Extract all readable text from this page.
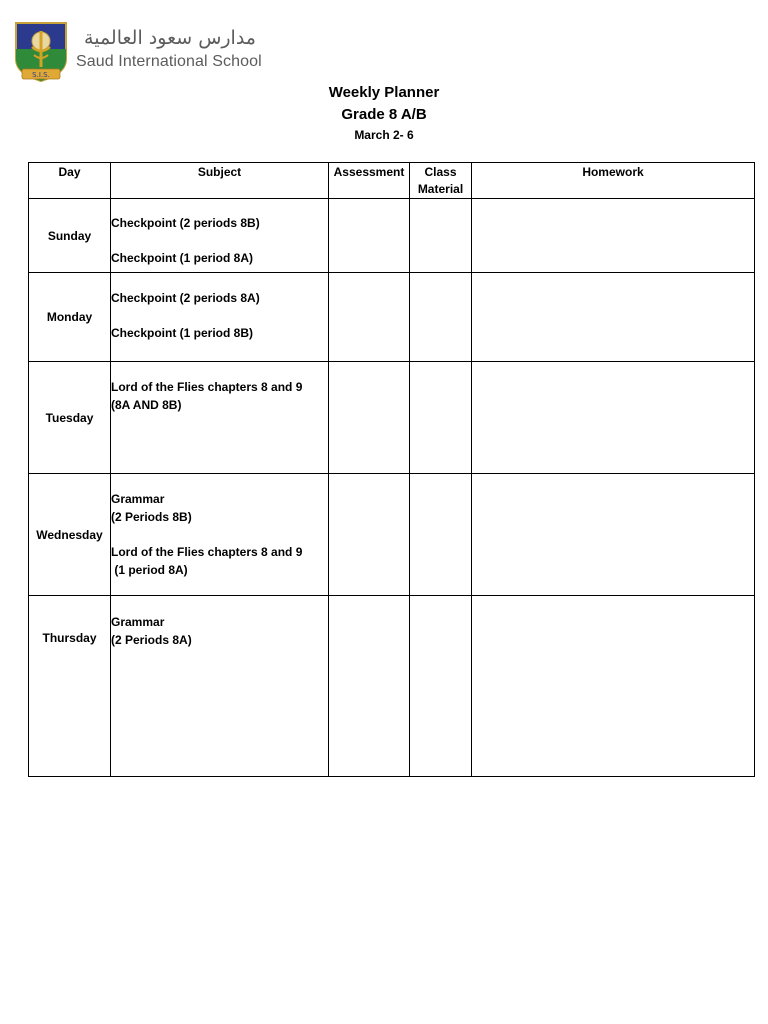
S.I.S.
مدارس سعود العالمية
Saud International School
Weekly Planner
Grade 8 A/B
March 2- 6
Day	Subject	Assessment	Class Material	Homework
Sunday	Checkpoint (2 periods 8B)

Checkpoint (1 period 8A)			

Monday	Checkpoint (2 periods 8A)

Checkpoint (1 period 8B)			

Tuesday	Lord of the Flies chapters 8 and 9

(8A AND 8B)			

Wednesday	Grammar

(2 Periods 8B)

Lord of the Flies chapters 8 and 9

(1 period 8A)			

Thursday	Grammar

(2 Periods 8A)			
